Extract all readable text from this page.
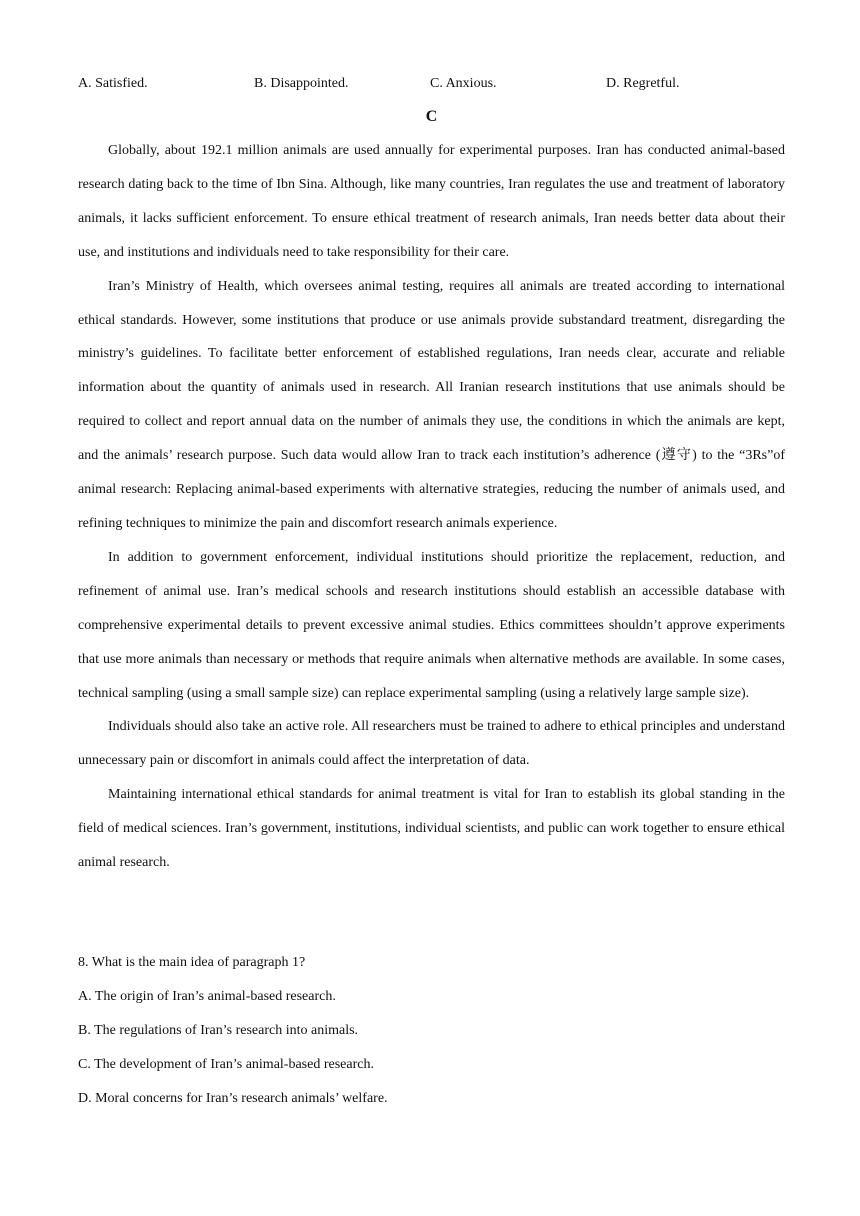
A. Satisfied.	B. Disappointed.	C. Anxious.	D. Regretful.
C

Globally, about 192.1 million animals are used annually for experimental purposes. Iran has conducted animal-based research dating back to the time of Ibn Sina. Although, like many countries, Iran regulates the use and treatment of laboratory animals, it lacks sufficient enforcement. To ensure ethical treatment of research animals, Iran needs better data about their use, and institutions and individuals need to take responsibility for their care.

Iran’s Ministry of Health, which oversees animal testing, requires all animals are treated according to international ethical standards. However, some institutions that produce or use animals provide substandard treatment, disregarding the ministry’s guidelines. To facilitate better enforcement of established regulations, Iran needs clear, accurate and reliable information about the quantity of animals used in research. All Iranian research institutions that use animals should be required to collect and report annual data on the number of animals they use, the conditions in which the animals are kept, and the animals’ research purpose. Such data would allow Iran to track each institution’s adherence (遵守) to the “3Rs”of animal research: Replacing animal-based experiments with alternative strategies, reducing the number of animals used, and refining techniques to minimize the pain and discomfort research animals experience.

In addition to government enforcement, individual institutions should prioritize the replacement, reduction, and refinement of animal use. Iran’s medical schools and research institutions should establish an accessible database with comprehensive experimental details to prevent excessive animal studies. Ethics committees shouldn’t approve experiments that use more animals than necessary or methods that require animals when alternative methods are available. In some cases, technical sampling (using a small sample size) can replace experimental sampling (using a relatively large sample size).

Individuals should also take an active role. All researchers must be trained to adhere to ethical principles and understand unnecessary pain or discomfort in animals could affect the interpretation of data.

Maintaining international ethical standards for animal treatment is vital for Iran to establish its global standing in the field of medical sciences. Iran’s government, institutions, individual scientists, and public can work together to ensure ethical animal research.

8. What is the main idea of paragraph 1?

A. The origin of Iran’s animal-based research.

B. The regulations of Iran’s research into animals.

C. The development of Iran’s animal-based research.

D. Moral concerns for Iran’s research animals’ welfare.
